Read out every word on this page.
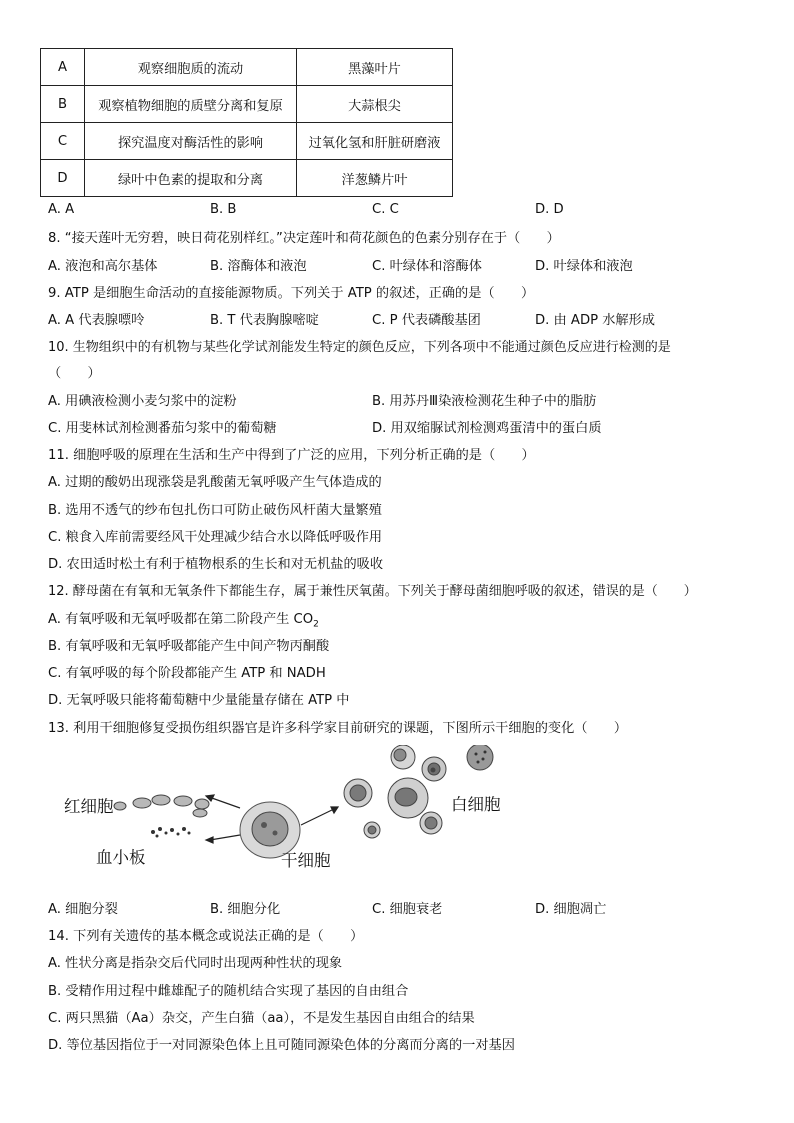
A	观察细胞质的流动	黑藻叶片
B	观察植物细胞的质壁分离和复原	大蒜根尖
C	探究温度对酶活性的影响	过氧化氢和肝脏研磨液
D	绿叶中色素的提取和分离	洋葱鳞片叶
A. A	B. B	C. C	D. D
8. “接天莲叶无穷碧，映日荷花别样红。”决定莲叶和荷花颜色的色素分别存在于（　　）
A. 液泡和高尔基体	B. 溶酶体和液泡	C. 叶绿体和溶酶体	D. 叶绿体和液泡
9. ATP 是细胞生命活动的直接能源物质。下列关于 ATP 的叙述，正确的是（　　）
A. A 代表腺嘌呤	B. T 代表胸腺嘧啶	C. P 代表磷酸基团	D. 由 ADP 水解形成
10. 生物组织中的有机物与某些化学试剂能发生特定的颜色反应，下列各项中不能通过颜色反应进行检测的是
（　　）
A. 用碘液检测小麦匀浆中的淀粉	B. 用苏丹Ⅲ染液检测花生种子中的脂肪
C. 用斐林试剂检测番茄匀浆中的葡萄糖	D. 用双缩脲试剂检测鸡蛋清中的蛋白质
11. 细胞呼吸的原理在生活和生产中得到了广泛的应用，下列分析正确的是（　　）
A. 过期的酸奶出现涨袋是乳酸菌无氧呼吸产生气体造成的
B. 选用不透气的纱布包扎伤口可防止破伤风杆菌大量繁殖
C. 粮食入库前需要经风干处理减少结合水以降低呼吸作用
D. 农田适时松土有利于植物根系的生长和对无机盐的吸收
12. 酵母菌在有氧和无氧条件下都能生存，属于兼性厌氧菌。下列关于酵母菌细胞呼吸的叙述，错误的是（　　）
A. 有氧呼吸和无氧呼吸都在第二阶段产生 $CO_2$
B. 有氧呼吸和无氧呼吸都能产生中间产物丙酮酸
C. 有氧呼吸的每个阶段都能产生 ATP 和 NADH
D. 无氧呼吸只能将葡萄糖中少量能量存储在 ATP 中
13. 利用干细胞修复受损伤组织器官是许多科学家目前研究的课题，下图所示干细胞的变化（　　）
红细胞
血小板	干细胞
白细胞
A. 细胞分裂	B. 细胞分化	C. 细胞衰老	D. 细胞凋亡
14. 下列有关遗传的基本概念或说法正确的是（　　）
A. 性状分离是指杂交后代同时出现两种性状的现象
B. 受精作用过程中雌雄配子的随机结合实现了基因的自由组合
C. 两只黑猫（Aa）杂交，产生白猫（aa），不是发生基因自由组合的结果
D. 等位基因指位于一对同源染色体上且可随同源染色体的分离而分离的一对基因
